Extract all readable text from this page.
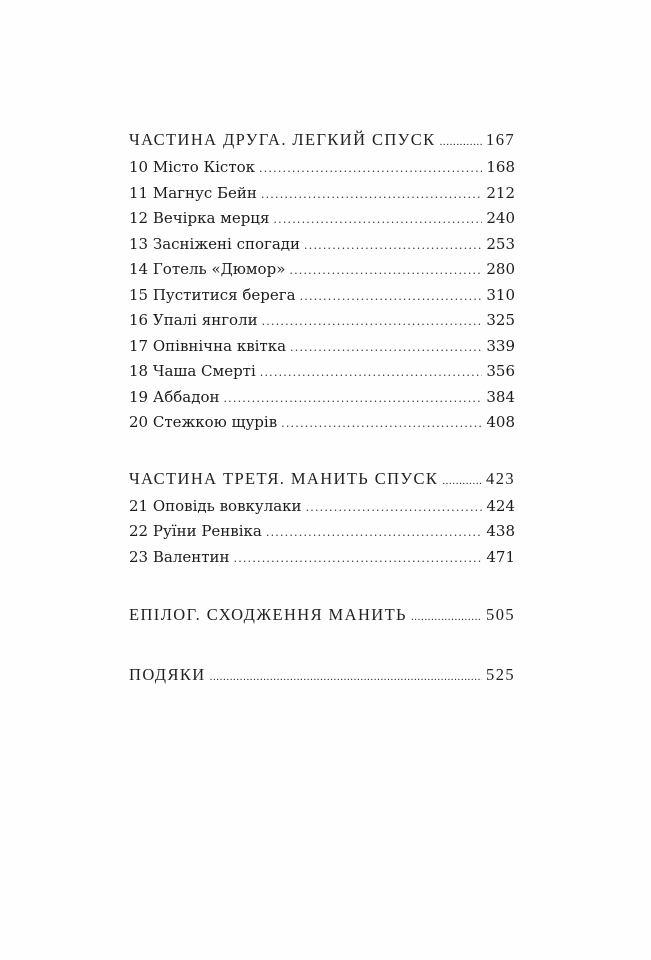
ЧАСТИНА ДРУГА. ЛЕГКИЙ СПУСК .....	167
10 Місто Кісток .....	168
11 Магнус Бейн .....	212
12 Вечірка мерця .....	240
13 Засніжені спогади .....	253
14 Готель «Дюмор» .....	280
15 Пуститися берега .....	310
16 Упалі янголи .....	325
17 Опівнічна квітка .....	339
18 Чаша Смерті .....	356
19 Аббадон .....	384
20 Стежкою щурів .....	408
ЧАСТИНА ТРЕТЯ. МАНИТЬ СПУСК .....	423
21 Оповідь вовкулаки .....	424
22 Руїни Ренвіка .....	438
23 Валентин .....	471
ЕПІЛОГ. СХОДЖЕННЯ МАНИТЬ .....	505
ПОДЯКИ .....	525
